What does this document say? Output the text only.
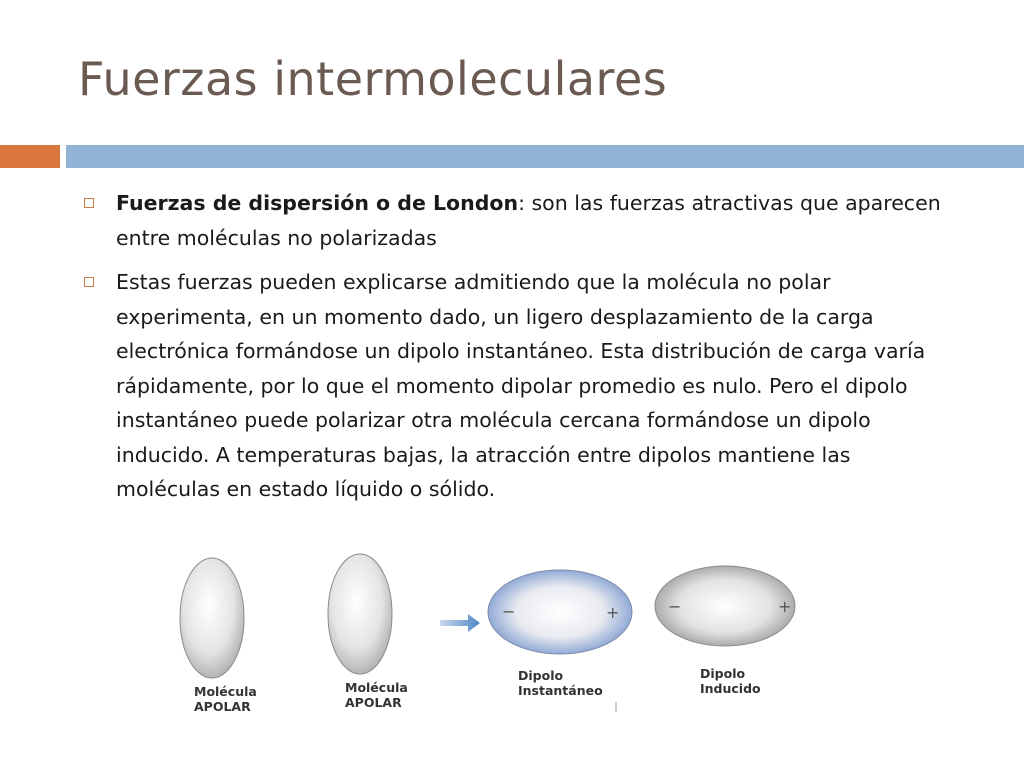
Fuerzas intermoleculares
Fuerzas de dispersión o de London: son las fuerzas atractivas que aparecen entre moléculas no polarizadas
Estas fuerzas pueden explicarse admitiendo que la molécula no polar experimenta, en un momento dado, un ligero desplazamiento de la carga electrónica formándose un dipolo instantáneo. Esta distribución de carga varía rápidamente, por lo que el momento dipolar promedio es nulo. Pero el dipolo instantáneo puede polarizar otra molécula cercana formándose un dipolo inducido. A temperaturas bajas, la atracción entre dipolos mantiene las moléculas en estado líquido o sólido.
−	+	−	+
Molécula
APOLAR
Molécula
APOLAR
Dipolo
Instantáneo
Dipolo
Inducido
